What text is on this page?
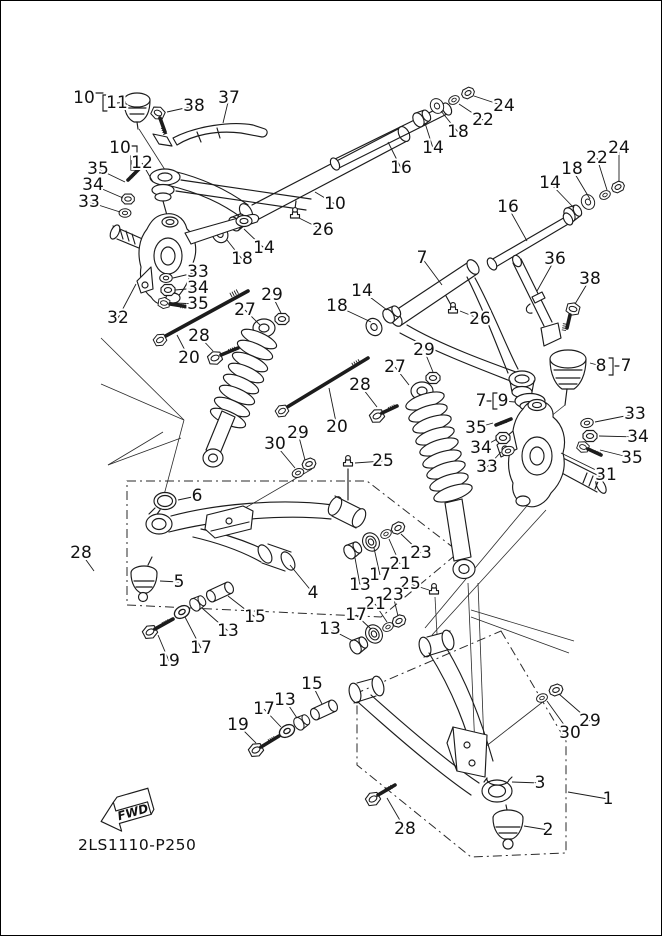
FWD
2LS1110-P250
10 11	38 37	24
22
18
14
16
24
22
18
14
16
10
12
35
34
33	10
26
14
18
33
34
35
32
29
27
28
20
7	36
38
26
29
27	8 7
7 9
35
34
33
33
34
35
31
30
29
25
6
5
28
4
15
13
17
19
23
21
17
13 25
23
21
17
13
15
13
17
19	29
30
3
1
2
28
20
28
14
18
